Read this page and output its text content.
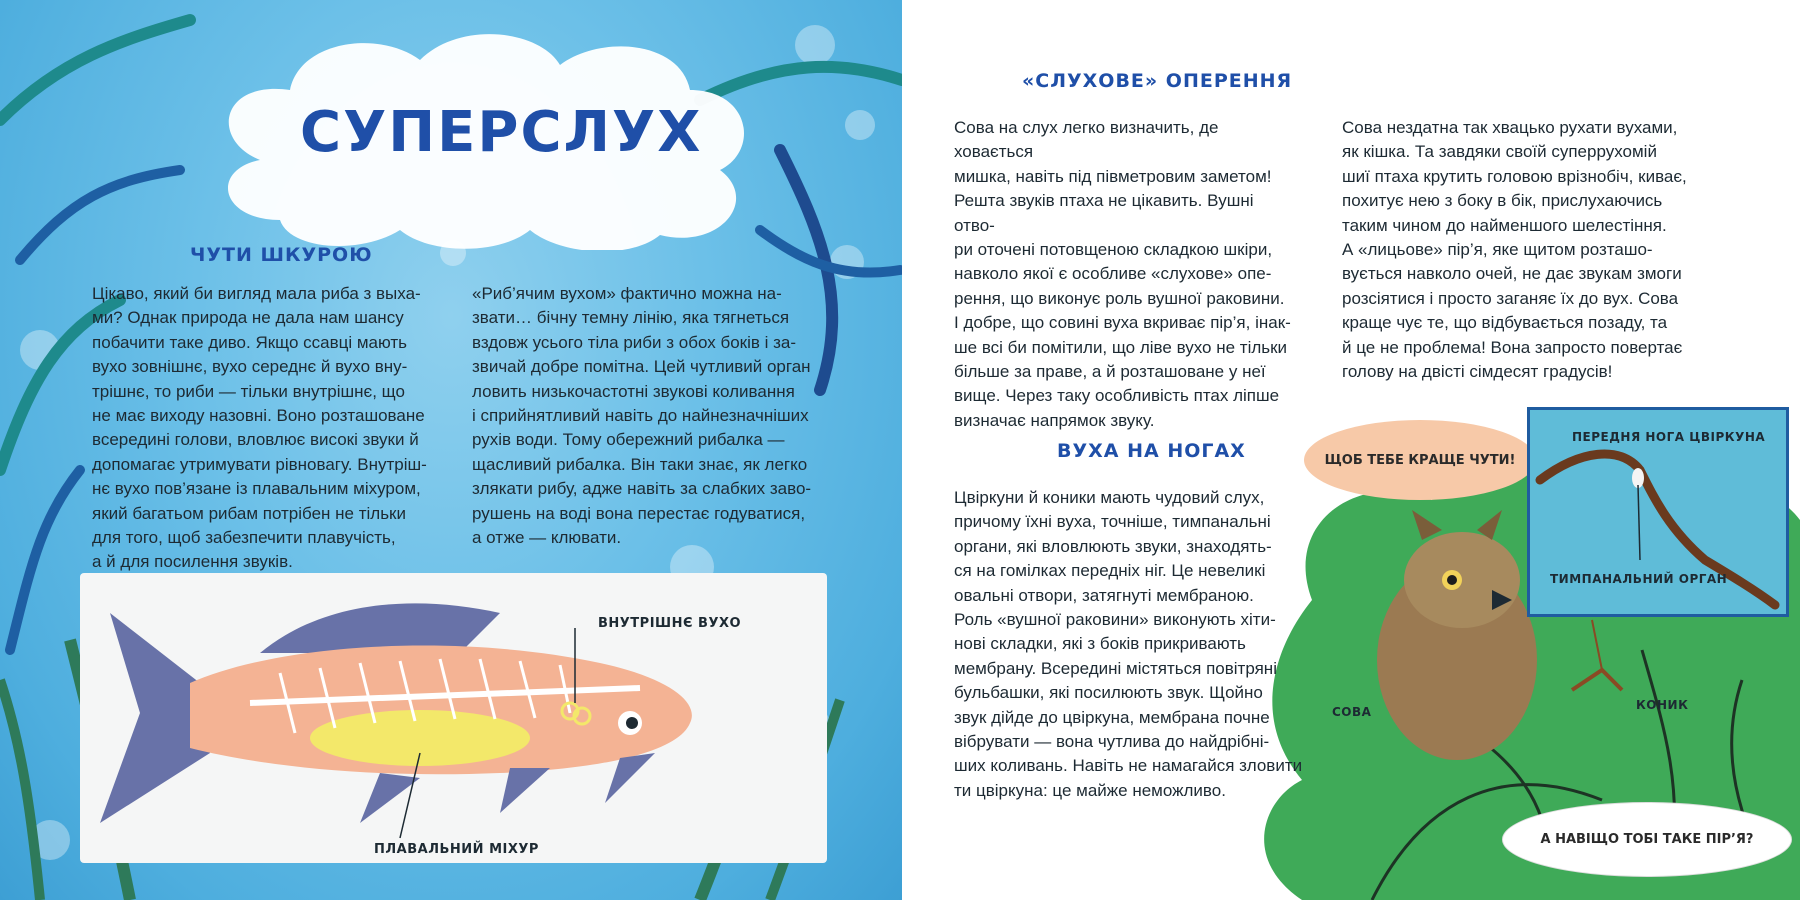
СУПЕРСЛУХ
ЧУТИ ШКУРОЮ
Цікаво, який би вигляд мала риба з выха-
ми? Однак природа не дала нам шансу
побачити таке диво. Якщо ссавці мають
вухо зовнішнє, вухо середнє й вухо вну-
трішнє, то риби — тільки внутрішнє, що
не має виходу назовні. Воно розташоване
всередині голови, вловлює високі звуки й
допомагає утримувати рівновагу. Внутріш-
нє вухо пов’язане із плавальним міхуром,
який багатьом рибам потрібен не тільки
для того, щоб забезпечити плавучість,
а й для посилення звуків.
«Риб’ячим вухом» фактично можна на-
звати… бічну темну лінію, яка тягнеться
вздовж усього тіла риби з обох боків і за-
звичай добре помітна. Цей чутливий орган
ловить низькочастотні звукові коливання
і сприйнятливий навіть до найнезначніших
рухів води. Тому обережний рибалка —
щасливий рибалка. Він таки знає, як легко
злякати рибу, адже навіть за слабких заво-
рушень на воді вона перестає годуватися,
а отже — клювати.
ВНУТРІШНЄ ВУХО
ПЛАВАЛЬНИЙ МІХУР
«СЛУХОВЕ» ОПЕРЕННЯ
Сова на слух легко визначить, де ховається
мишка, навіть під півметровим заметом!
Решта звуків птаха не цікавить. Вушні отво-
ри оточені потовщеною складкою шкіри,
навколо якої є особливе «слухове» опе-
рення, що виконує роль вушної раковини.
І добре, що совині вуха вкриває пір’я, інак-
ше всі би помітили, що ліве вухо не тільки
більше за праве, а й розташоване у неї
вище. Через таку особливість птах ліпше
визначає напрямок звуку.
Сова нездатна так хвацько рухати вухами,
як кішка. Та завдяки своїй суперрухомій
шиї птаха крутить головою врізнобіч, киває,
похитує нею з боку в бік, прислухаючись
таким чином до найменшого шелестіння.
А «лицьове» пір’я, яке щитом розташо-
вується навколо очей, не дає звукам змоги
розсіятися і просто заганяє їх до вух. Сова
краще чує те, що відбувається позаду, та
й це не проблема! Вона запросто повертає
голову на двісті сімдесят градусів!
ВУХА НА НОГАХ
Цвіркуни й коники мають чудовий слух,
причому їхні вуха, точніше, тимпанальні
органи, які вловлюють звуки, знаходять-
ся на гомілках передніх ніг. Це невеликі
овальні отвори, затягнуті мембраною.
Роль «вушної раковини» виконують хіти-
нові складки, які з боків прикривають
мембрану. Всередині містяться повітряні
бульбашки, які посилюють звук. Щойно
звук дійде до цвіркуна, мембрана почне
вібрувати — вона чутлива до найдрібні-
ших коливань. Навіть не намагайся зловити
ти цвіркуна: це майже неможливо.
ЩОБ ТЕБЕ КРАЩЕ ЧУТИ!
А НАВІЩО ТОБІ ТАКЕ ПІР’Я?
СОВА	КОНИК
ПЕРЕДНЯ НОГА ЦВІРКУНА
ТИМПАНАЛЬНИЙ ОРГАН
